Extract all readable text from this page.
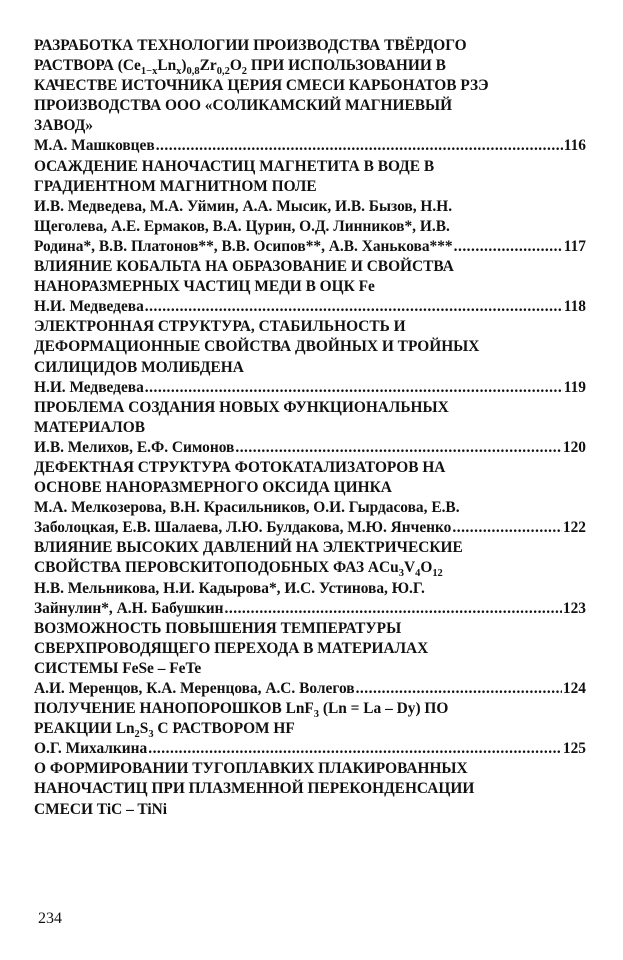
РАЗРАБОТКА ТЕХНОЛОГИИ ПРОИЗВОДСТВА ТВЁРДОГО
РАСТВОРА $(Ce_{1-x}Ln_x)_{0,8}Zr_{0,2}O_2$ ПРИ ИСПОЛЬЗОВАНИИ В
КАЧЕСТВЕ ИСТОЧНИКА ЦЕРИЯ СМЕСИ КАРБОНАТОВ РЗЭ
ПРОИЗВОДСТВА ООО «СОЛИКАМСКИЙ МАГНИЕВЫЙ
ЗАВОД»
М.А. Машковцев .....	116
ОСАЖДЕНИЕ НАНОЧАСТИЦ МАГНЕТИТА В ВОДЕ В
ГРАДИЕНТНОМ МАГНИТНОМ ПОЛЕ
И.В. Медведева, М.А. Уймин, А.А. Мысик, И.В. Бызов, Н.Н.
Щеголева, А.Е. Ермаков, В.А. Цурин, О.Д. Линников*, И.В.
Родина*, В.В. Платонов**, В.В. Осипов**, А.В. Ханькова*** .....	117
ВЛИЯНИЕ КОБАЛЬТА НА ОБРАЗОВАНИЕ И СВОЙСТВА
НАНОРАЗМЕРНЫХ ЧАСТИЦ МЕДИ В ОЦК Fe
Н.И. Медведева .....	118
ЭЛЕКТРОННАЯ СТРУКТУРА, СТАБИЛЬНОСТЬ И
ДЕФОРМАЦИОННЫЕ СВОЙСТВА ДВОЙНЫХ И ТРОЙНЫХ
СИЛИЦИДОВ МОЛИБДЕНА
Н.И. Медведева .....	119
ПРОБЛЕМА СОЗДАНИЯ НОВЫХ ФУНКЦИОНАЛЬНЫХ
МАТЕРИАЛОВ
И.В. Мелихов, Е.Ф. Симонов .....	120
ДЕФЕКТНАЯ СТРУКТУРА ФОТОКАТАЛИЗАТОРОВ НА
ОСНОВЕ НАНОРАЗМЕРНОГО ОКСИДА ЦИНКА
М.А. Мелкозерова, В.Н. Красильников, О.И. Гырдасова, Е.В.
Заболоцкая, Е.В. Шалаева, Л.Ю. Булдакова, М.Ю. Янченко .....	122
ВЛИЯНИЕ ВЫСОКИХ ДАВЛЕНИЙ НА ЭЛЕКТРИЧЕСКИЕ
СВОЙСТВА ПЕРОВСКИТОПОДОБНЫХ ФАЗ $ACu_3V_4O_{12}$
Н.В. Мельникова, Н.И. Кадырова*, И.С. Устинова, Ю.Г.
Зайнулин*, А.Н. Бабушкин .....	123
ВОЗМОЖНОСТЬ ПОВЫШЕНИЯ ТЕМПЕРАТУРЫ
СВЕРХПРОВОДЯЩЕГО ПЕРЕХОДА В МАТЕРИАЛАХ
СИСТЕМЫ FeSe – FeTe
А.И. Меренцов, К.А. Меренцова, А.С. Волегов .....	124
ПОЛУЧЕНИЕ НАНОПОРОШКОВ LnF$_3$ (Ln = La – Dy) ПО
РЕАКЦИИ $Ln_2S_3$ С РАСТВОРОМ HF
О.Г. Михалкина .....	125
О ФОРМИРОВАНИИ ТУГОПЛАВКИХ ПЛАКИРОВАННЫХ
НАНОЧАСТИЦ ПРИ ПЛАЗМЕННОЙ ПЕРЕКОНДЕНСАЦИИ
СМЕСИ TiC – TiNi
234
